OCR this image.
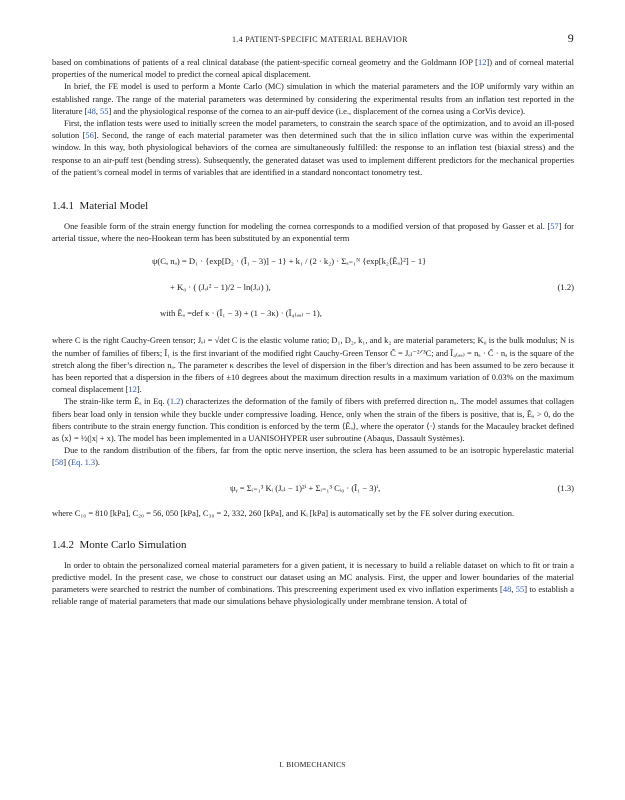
1.4 PATIENT-SPECIFIC MATERIAL BEHAVIOR	9

based on combinations of patients of a real clinical database (the patient-specific corneal geometry and the Goldmann IOP [12]) and of corneal material properties of the numerical model to predict the corneal apical displacement.

In brief, the FE model is used to perform a Monte Carlo (MC) simulation in which the material parameters and the IOP uniformly vary within an established range. The range of the material parameters was determined by considering the experimental results from an inflation test reported in the literature [48, 55] and the physiological response of the cornea to an air-puff device (i.e., displacement of the cornea using a CorVis device).

First, the inflation tests were used to initially screen the model parameters, to constrain the search space of the optimization, and to avoid an ill-posed solution [56]. Second, the range of each material parameter was then determined such that the in silico inflation curve was within the experimental window. In this way, both physiological behaviors of the cornea are simultaneously fulfilled: the response to an inflation test (biaxial stress) and the response to an air-puff test (bending stress). Subsequently, the generated dataset was used to implement different predictors for the mechanical properties of the patient’s corneal model in terms of variables that are identified in a standard noncontact tonometry test.

1.4.1 Material Model

One feasible form of the strain energy function for modeling the cornea corresponds to a modified version of that proposed by Gasser et al. [57] for arterial tissue, where the neo-Hookean term has been substituted by an exponential term

ψ(C, nₐ) = D₁ · {exp[D₂ · (Ĩ₁ − 3)] − 1} + k₁ / (2 · k₂) · Σₐ₌₁ᴺ {exp[k₂⟨Ẽₐ⟩²] − 1}
+ K₀ · ( (Jₑₗ² − 1)/2 − ln(Jₑₗ) ),
with Ẽₐ =def κ · (Ĩ₁ − 3) + (1 − 3κ) · (Ĩ₄₍ₐₐ₎ − 1),
(1.2)

where C is the right Cauchy-Green tensor; Jₑₗ = √det C is the elastic volume ratio; D₁, D₂, k₁, and k₂ are material parameters; K₀ is the bulk modulus; N is the number of families of fibers; Ĩ₁ is the first invariant of the modified right Cauchy-Green Tensor C̃ = Jₑₗ⁻²ᐟ³C; and Ĩ₄₍ₐₐ₎ = nₐ · C̃ · nₐ is the square of the stretch along the fiber’s direction nₐ. The parameter κ describes the level of dispersion in the fiber’s direction and has been assumed to be zero because it has been reported that a dispersion in the fibers of ±10 degrees about the maximum direction results in a maximum variation of 0.03% on the maximum corneal displacement [12].

The strain-like term Ẽₐ in Eq. (1.2) characterizes the deformation of the family of fibers with preferred direction nₐ. The model assumes that collagen fibers bear load only in tension while they buckle under compressive loading. Hence, only when the strain of the fibers is positive, that is, Ẽₐ > 0, do the fibers contribute to the strain energy function. This condition is enforced by the term ⟨Ẽₐ⟩, where the operator ⟨·⟩ stands for the Macauley bracket defined as ⟨x⟩ = ½(|x| + x). The model has been implemented in a UANISOHYPER user subroutine (Abaqus, Dassault Systèmes).

Due to the random distribution of the fibers, far from the optic nerve insertion, the sclera has been assumed to be an isotropic hyperelastic material [58] (Eq. 1.3).

ψᵧ = Σᵢ₌₁³ Kᵢ (Jₑₗ − 1)²ⁱ + Σᵢ₌₁³ Cᵢ₀ · (Ĩ₁ − 3)ⁱ,	(1.3)

where C₁₀ = 810 [kPa], C₂₀ = 56, 050 [kPa], C₃₀ = 2, 332, 260 [kPa], and Kᵢ [kPa] is automatically set by the FE solver during execution.

1.4.2 Monte Carlo Simulation

In order to obtain the personalized corneal material parameters for a given patient, it is necessary to build a reliable dataset on which to fit or train a predictive model. In the present case, we chose to construct our dataset using an MC analysis. First, the upper and lower boundaries of the material parameters were searched to restrict the number of combinations. This prescreening experiment used ex vivo inflation experiments [48, 55] to establish a reliable range of material parameters that made our simulations behave physiologically under membrane tension. A total of

I. BIOMECHANICS
